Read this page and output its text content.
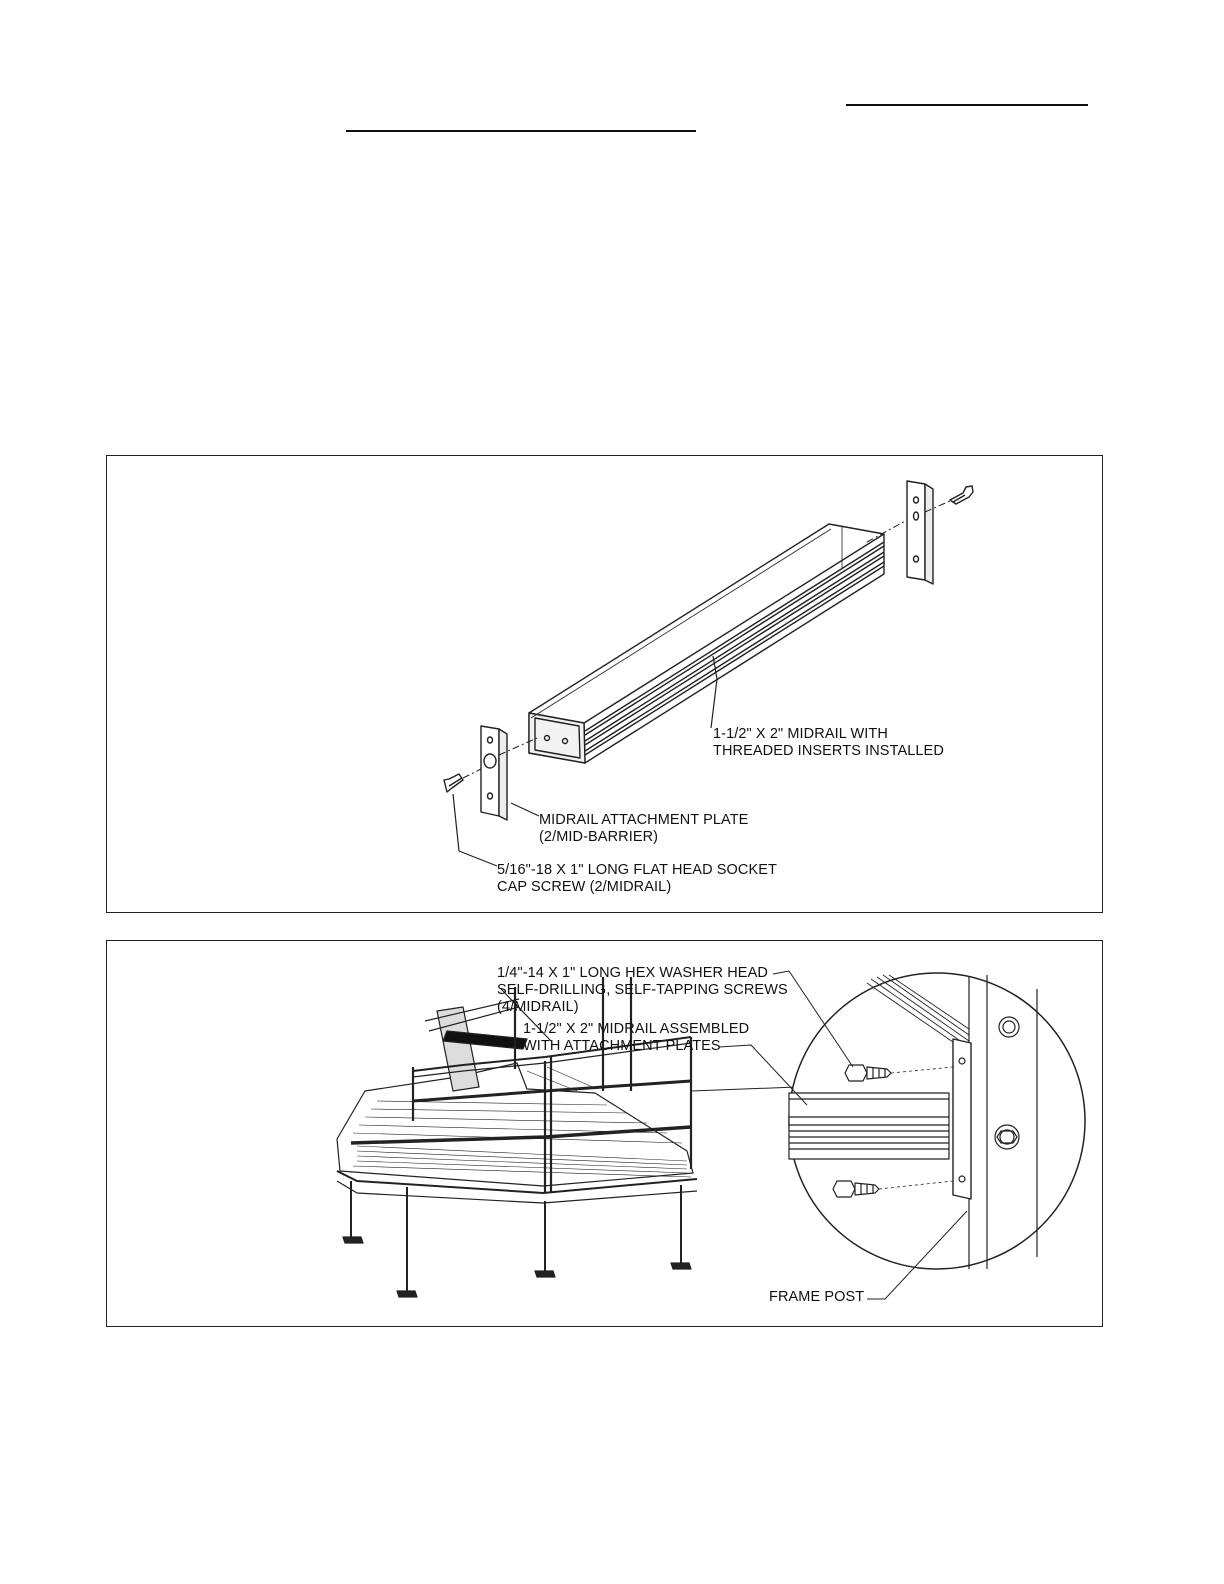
1-1/2" X 2" MIDRAIL WITH
THREADED INSERTS INSTALLED
MIDRAIL ATTACHMENT PLATE
(2/MID-BARRIER)
5/16"-18 X 1" LONG FLAT HEAD SOCKET
CAP SCREW (2/MIDRAIL)
1/4"-14 X 1" LONG HEX WASHER HEAD
SELF-DRILLING, SELF-TAPPING SCREWS
(4/MIDRAIL)
1-1/2" X 2" MIDRAIL ASSEMBLED
WITH ATTACHMENT PLATES
FRAME POST
